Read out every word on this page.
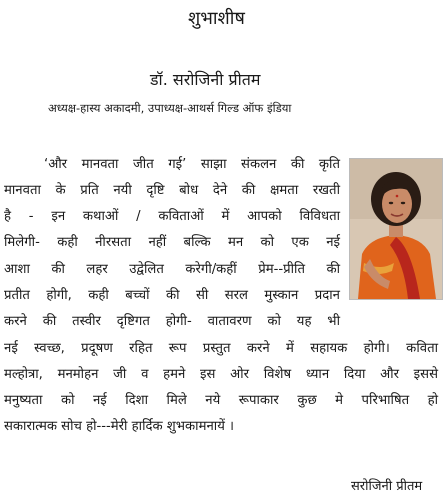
शुभाशीष
डॉ. सरोजिनी प्रीतम
अध्यक्ष-हास्य अकादमी, उपाध्यक्ष-आथर्स गिल्ड ऑफ इंडिया
‘और मानवता जीत गई’ साझा संकलन की कृति
मानवता के प्रति नयी दृष्टि बोध देने की क्षमता रखती
है - इन कथाओं / कविताओं में आपको विविधता
मिलेगी- कही नीरसता नहीं बल्कि मन को एक नई
आशा की लहर उद्वेलित करेगी/कहीं प्रेम--प्रीति की
प्रतीत होगी, कही बच्चों की सी सरल मुस्कान प्रदान
करने की तस्वीर दृष्टिगत होगी- वातावरण को यह भी
नई स्वच्छ, प्रदूषण रहित रूप प्रस्तुत करने में सहायक होगी। कविता
मल्होत्रा, मनमोहन जी व हमने इस ओर विशेष ध्यान दिया और इससे
मनुष्यता को नई दिशा मिले नये रूपाकार कुछ मे परिभाषित हो
सकारात्मक सोच हो---मेरी हार्दिक शुभकामनायें ।
सरोजिनी प्रीतम
